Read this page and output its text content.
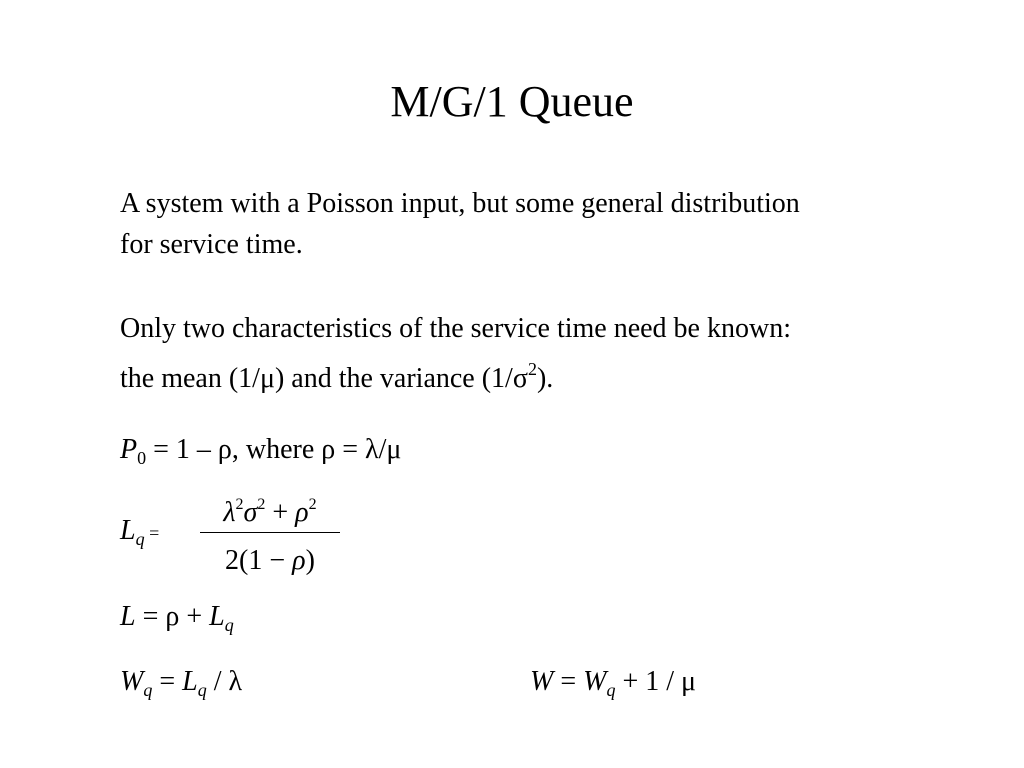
M/G/1 Queue
A system with a Poisson input, but some general distribution
for service time.
Only two characteristics of the service time need be known:
the mean (1/μ) and the variance $(1/\sigma^2)$.
$P_0 = 1 - \rho$, where ρ = λ/μ
$L_q$ =
$\lambda^2\sigma^2 + \rho^2$
2(1 − ρ)
$L = \rho + L_q$
$W_q = L_q / \lambda$	$W = W_q + 1 / \mu$
